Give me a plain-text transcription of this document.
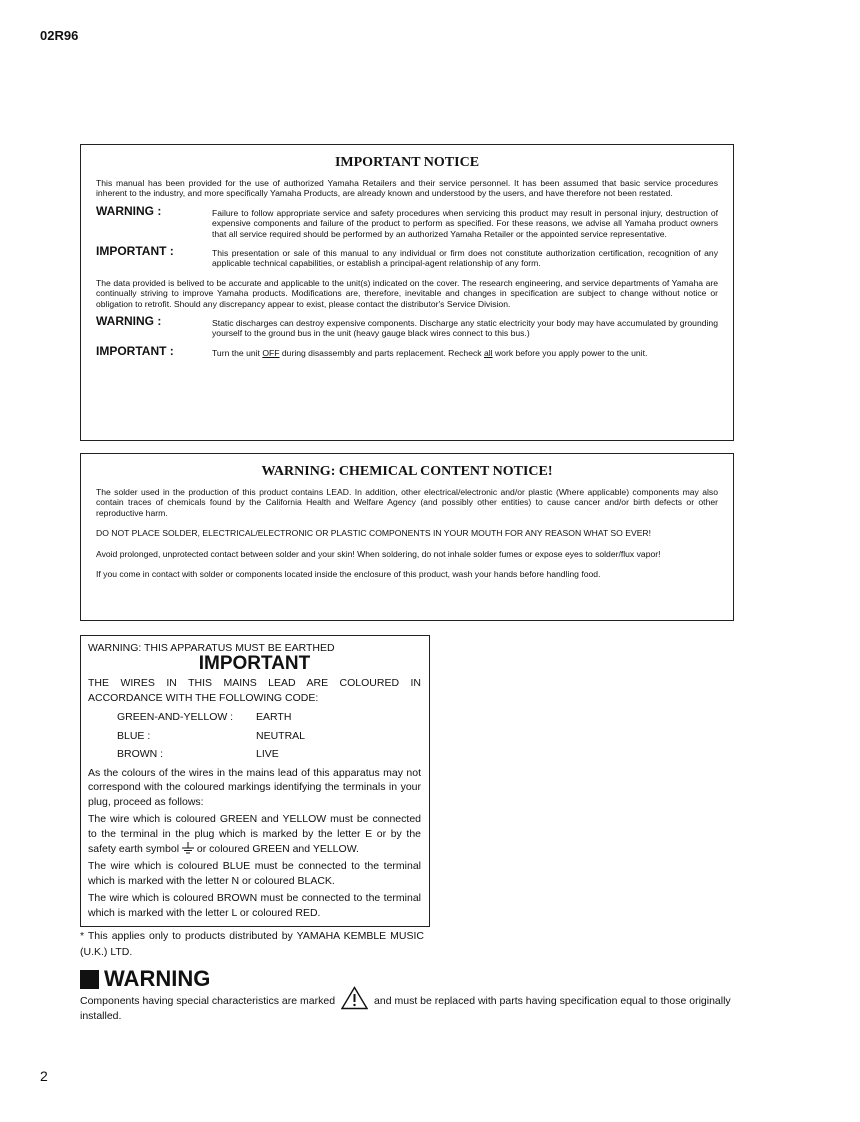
02R96
IMPORTANT NOTICE

This manual has been provided for the use of authorized Yamaha Retailers and their service personnel. It has been assumed that basic service procedures inherent to the industry, and more specifically Yamaha Products, are already known and understood by the users, and have therefore not been restated.

WARNING :	Failure to follow appropriate service and safety procedures when servicing this product may result in personal injury, destruction of expensive components and failure of the product to perform as specified. For these reasons, we advise all Yamaha product owners that all service required should be performed by an authorized Yamaha Retailer or the appointed service representative.
IMPORTANT :	This presentation or sale of this manual to any individual or firm does not constitute authorization certification, recognition of any applicable technical capabilities, or establish a principal-agent relationship of any form.

The data provided is belived to be accurate and applicable to the unit(s) indicated on the cover. The research engineering, and service departments of Yamaha are continually striving to improve Yamaha products. Modifications are, therefore, inevitable and changes in specification are subject to change without notice or obligation to retrofit. Should any discrepancy appear to exist, please contact the distributor's Service Division.

WARNING :	Static discharges can destroy expensive components. Discharge any static electricity your body may have accumulated by grounding yourself to the ground bus in the unit (heavy gauge black wires connect to this bus.)
IMPORTANT :	Turn the unit OFF during disassembly and parts replacement. Recheck all work before you apply power to the unit.
WARNING: CHEMICAL CONTENT NOTICE!

The solder used in the production of this product contains LEAD. In addition, other electrical/electronic and/or plastic (Where applicable) components may also contain traces of chemicals found by the California Health and Welfare Agency (and possibly other entities) to cause cancer and/or birth defects or other reproductive harm.

DO NOT PLACE SOLDER, ELECTRICAL/ELECTRONIC OR PLASTIC COMPONENTS IN YOUR MOUTH FOR ANY REASON WHAT SO EVER!

Avoid prolonged, unprotected contact between solder and your skin! When soldering, do not inhale solder fumes or expose eyes to solder/flux vapor!

If you come in contact with solder or components located inside the enclosure of this product, wash your hands before handling food.

WARNING: THIS APPARATUS MUST BE EARTHED
IMPORTANT

THE WIRES IN THIS MAINS LEAD ARE COLOURED IN ACCORDANCE WITH THE FOLLOWING CODE:

GREEN-AND-YELLOW :	EARTH
BLUE :	NEUTRAL
BROWN :	LIVE

As the colours of the wires in the mains lead of this apparatus may not correspond with the coloured markings identifying the terminals in your plug, proceed as follows:

The wire which is coloured GREEN and YELLOW must be connected to the terminal in the plug which is marked by the letter E or by the safety earth symbol  or coloured GREEN and YELLOW.

The wire which is coloured BLUE must be connected to the terminal which is marked with the letter N or coloured BLACK.

The wire which is coloured BROWN must be connected to the terminal which is marked with the letter L or coloured RED.

* This applies only to products distributed by YAMAHA KEMBLE MUSIC (U.K.) LTD.
WARNING
Components having special characteristics are marked	and must be replaced with parts having specification equal to those originally installed.
2
